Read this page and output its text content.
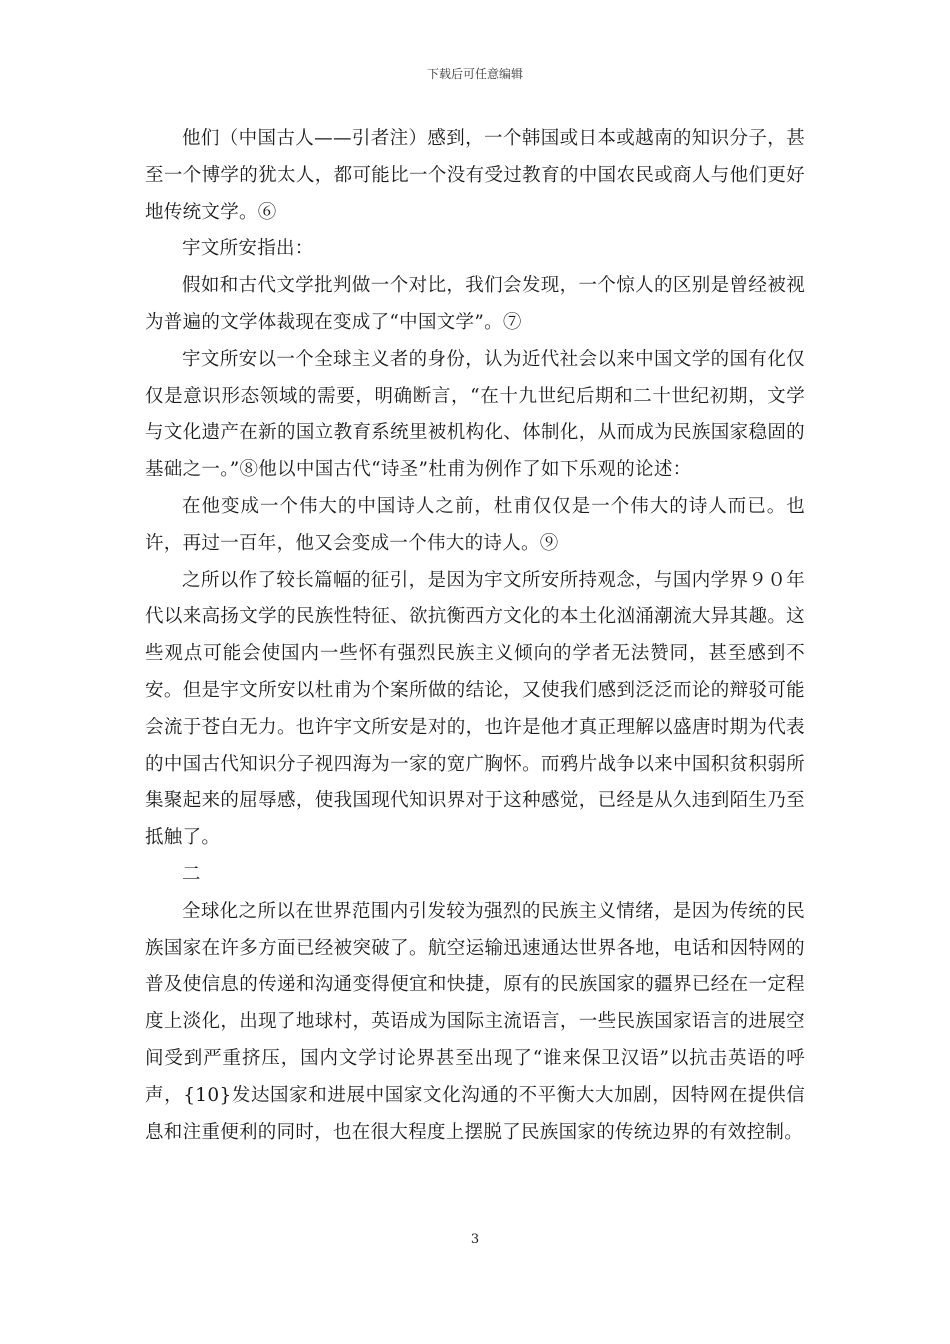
下载后可任意编辑

他们（中国古人——引者注）感到，一个韩国或日本或越南的知识分子，甚至一个博学的犹太人，都可能比一个没有受过教育的中国农民或商人与他们更好地传统文学。⑥

宇文所安指出：

假如和古代文学批判做一个对比，我们会发现，一个惊人的区别是曾经被视为普遍的文学体裁现在变成了“中国文学”。⑦

宇文所安以一个全球主义者的身份，认为近代社会以来中国文学的国有化仅仅是意识形态领域的需要，明确断言，“在十九世纪后期和二十世纪初期，文学与文化遗产在新的国立教育系统里被机构化、体制化，从而成为民族国家稳固的基础之一。”⑧他以中国古代“诗圣”杜甫为例作了如下乐观的论述：

在他变成一个伟大的中国诗人之前，杜甫仅仅是一个伟大的诗人而已。也许，再过一百年，他又会变成一个伟大的诗人。⑨

之所以作了较长篇幅的征引，是因为宇文所安所持观念，与国内学界９０年代以来高扬文学的民族性特征、欲抗衡西方文化的本土化汹涌潮流大异其趣。这些观点可能会使国内一些怀有强烈民族主义倾向的学者无法赞同，甚至感到不安。但是宇文所安以杜甫为个案所做的结论，又使我们感到泛泛而论的辩驳可能会流于苍白无力。也许宇文所安是对的，也许是他才真正理解以盛唐时期为代表的中国古代知识分子视四海为一家的宽广胸怀。而鸦片战争以来中国积贫积弱所集聚起来的屈辱感，使我国现代知识界对于这种感觉，已经是从久违到陌生乃至抵触了。

二

全球化之所以在世界范围内引发较为强烈的民族主义情绪，是因为传统的民族国家在许多方面已经被突破了。航空运输迅速通达世界各地，电话和因特网的普及使信息的传递和沟通变得便宜和快捷，原有的民族国家的疆界已经在一定程度上淡化，出现了地球村，英语成为国际主流语言，一些民族国家语言的进展空间受到严重挤压，国内文学讨论界甚至出现了“谁来保卫汉语”以抗击英语的呼声，{10}发达国家和进展中国家文化沟通的不平衡大大加剧，因特网在提供信息和注重便利的同时，也在很大程度上摆脱了民族国家的传统边界的有效控制。

3
